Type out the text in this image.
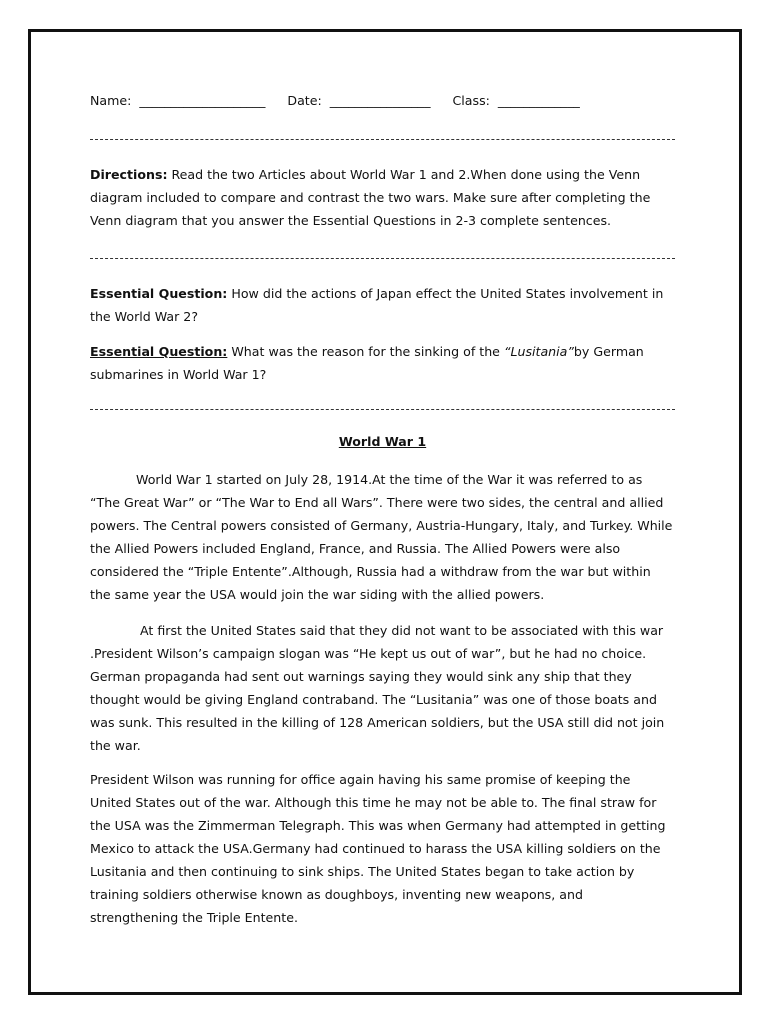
Name: ____________________ Date: ________________ Class: _____________

Directions: Read the two Articles about World War 1 and 2.When done using the Venn diagram included to compare and contrast the two wars. Make sure after completing the Venn diagram that you answer the Essential Questions in 2-3 complete sentences.

Essential Question: How did the actions of Japan effect the United States involvement in the World War 2?

Essential Question: What was the reason for the sinking of the “Lusitania”by German submarines in World War 1?

World War 1

World War 1 started on July 28, 1914.At the time of the War it was referred to as “The Great War” or “The War to End all Wars”. There were two sides, the central and allied powers. The Central powers consisted of Germany, Austria-Hungary, Italy, and Turkey. While the Allied Powers included England, France, and Russia. The Allied Powers were also considered the “Triple Entente”.Although, Russia had a withdraw from the war but within the same year the USA would join the war siding with the allied powers.

At first the United States said that they did not want to be associated with this war .President Wilson’s campaign slogan was “He kept us out of war”, but he had no choice. German propaganda had sent out warnings saying they would sink any ship that they thought would be giving England contraband. The “Lusitania” was one of those boats and was sunk. This resulted in the killing of 128 American soldiers, but the USA still did not join the war.

President Wilson was running for office again having his same promise of keeping the United States out of the war. Although this time he may not be able to. The final straw for the USA was the Zimmerman Telegraph. This was when Germany had attempted in getting Mexico to attack the USA.Germany had continued to harass the USA killing soldiers on the Lusitania and then continuing to sink ships. The United States began to take action by training soldiers otherwise known as doughboys, inventing new weapons, and strengthening the Triple Entente.
